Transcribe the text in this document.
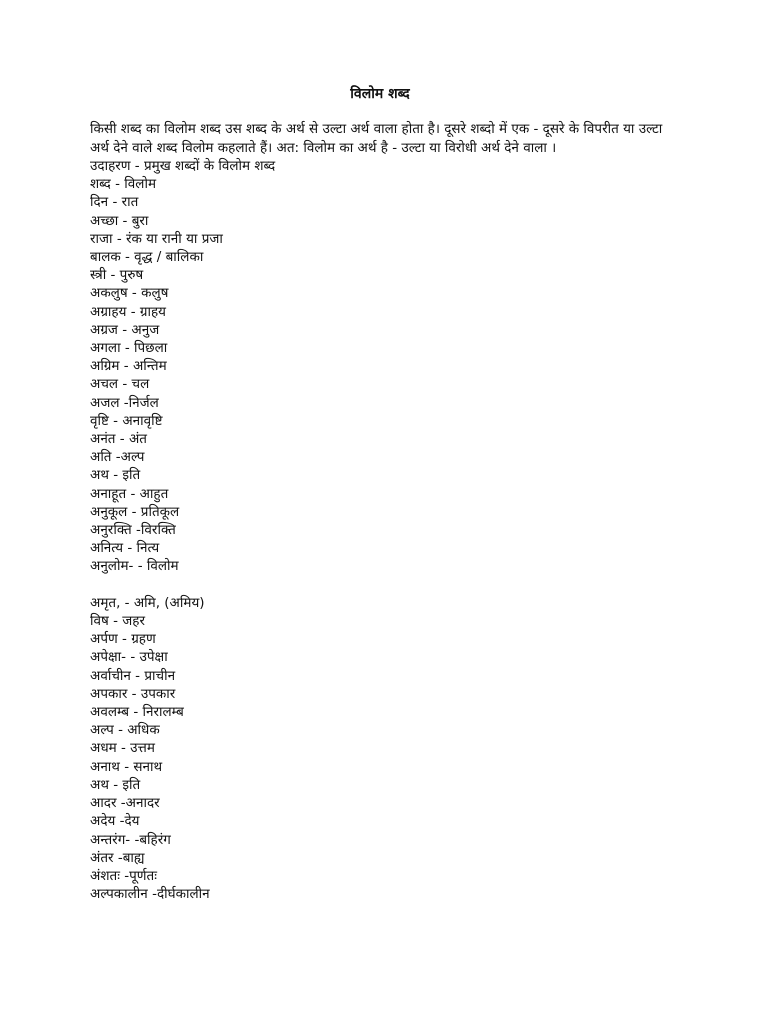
विलोम शब्द

किसी शब्द का विलोम शब्द उस शब्द के अर्थ से उल्टा अर्थ वाला होता है। दूसरे शब्दो में एक - दूसरे के विपरीत या उल्टा अर्थ देने वाले शब्द विलोम कहलाते हैं। अत: विलोम का अर्थ है - उल्टा या विरोधी अर्थ देने वाला ।

उदाहरण - प्रमुख शब्दों के विलोम शब्द
शब्द - विलोम
दिन - रात
अच्छा - बुरा
राजा - रंक या रानी या प्रजा
बालक - वृद्ध / बालिका
स्त्री - पुरुष
अकलुष - कलुष
अग्राहय - ग्राहय
अग्रज - अनुज
अगला - पिछला
अग्रिम - अन्तिम
अचल - चल
अजल -निर्जल
वृष्टि - अनावृष्टि
अनंत - अंत
अति -अल्प
अथ - इति
अनाहूत - आहुत
अनुकूल - प्रतिकूल
अनुरक्ति -विरक्ति
अनित्य - नित्य
अनुलोम- - विलोम
अमृत, - अमि, (अमिय)
विष - जहर
अर्पण - ग्रहण
अपेक्षा- - उपेक्षा
अर्वाचीन - प्राचीन
अपकार - उपकार
अवलम्ब - निरालम्ब
अल्प - अधिक
अधम - उत्तम
अनाथ - सनाथ
अथ - इति
आदर -अनादर
अदेय -देय
अन्तरंग- -बहिरंग
अंतर -बाह्य
अंशतः -पूर्णतः
अल्पकालीन -दीर्घकालीन
